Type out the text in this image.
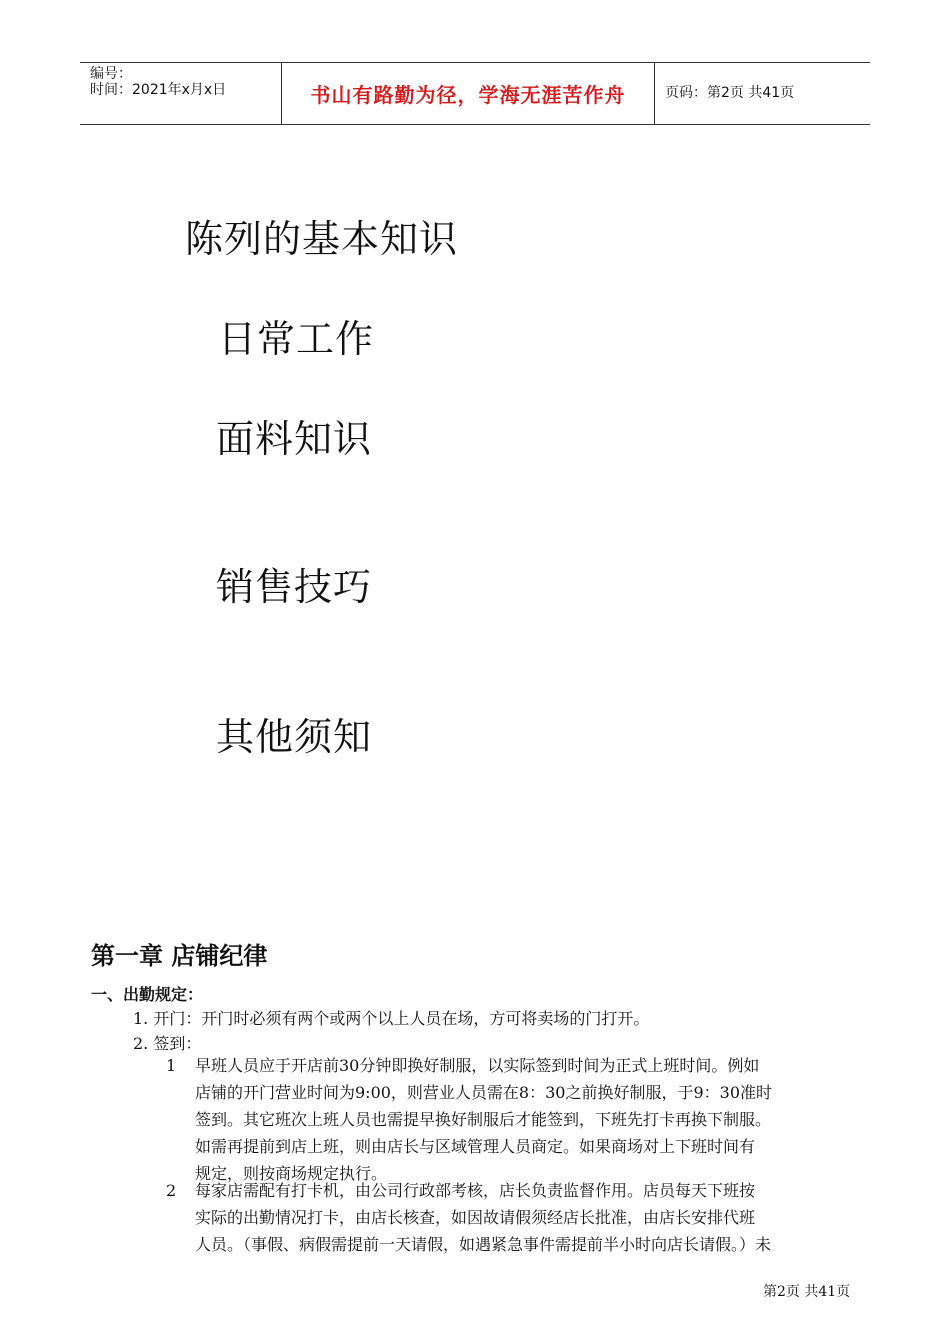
编号：
时间：2021年x月x日	书山有路勤为径，学海无涯苦作舟	页码：第2页 共41页
陈列的基本知识
日常工作
面料知识
销售技巧
其他须知
第一章 店铺纪律
一、出勤规定：
1. 开门：开门时必须有两个或两个以上人员在场，方可将卖场的门打开。
2. 签到：
1 早班人员应于开店前30分钟即换好制服，以实际签到时间为正式上班时间。例如
店铺的开门营业时间为9:00，则营业人员需在8：30之前换好制服，于9：30准时
签到。其它班次上班人员也需提早换好制服后才能签到，下班先打卡再换下制服。
如需再提前到店上班，则由店长与区域管理人员商定。如果商场对上下班时间有
规定，则按商场规定执行。
2 每家店需配有打卡机，由公司行政部考核，店长负责监督作用。店员每天下班按
实际的出勤情况打卡，由店长核查，如因故请假须经店长批准，由店长安排代班
人员。（事假、病假需提前一天请假，如遇紧急事件需提前半小时向店长请假。）未
第2页 共41页
